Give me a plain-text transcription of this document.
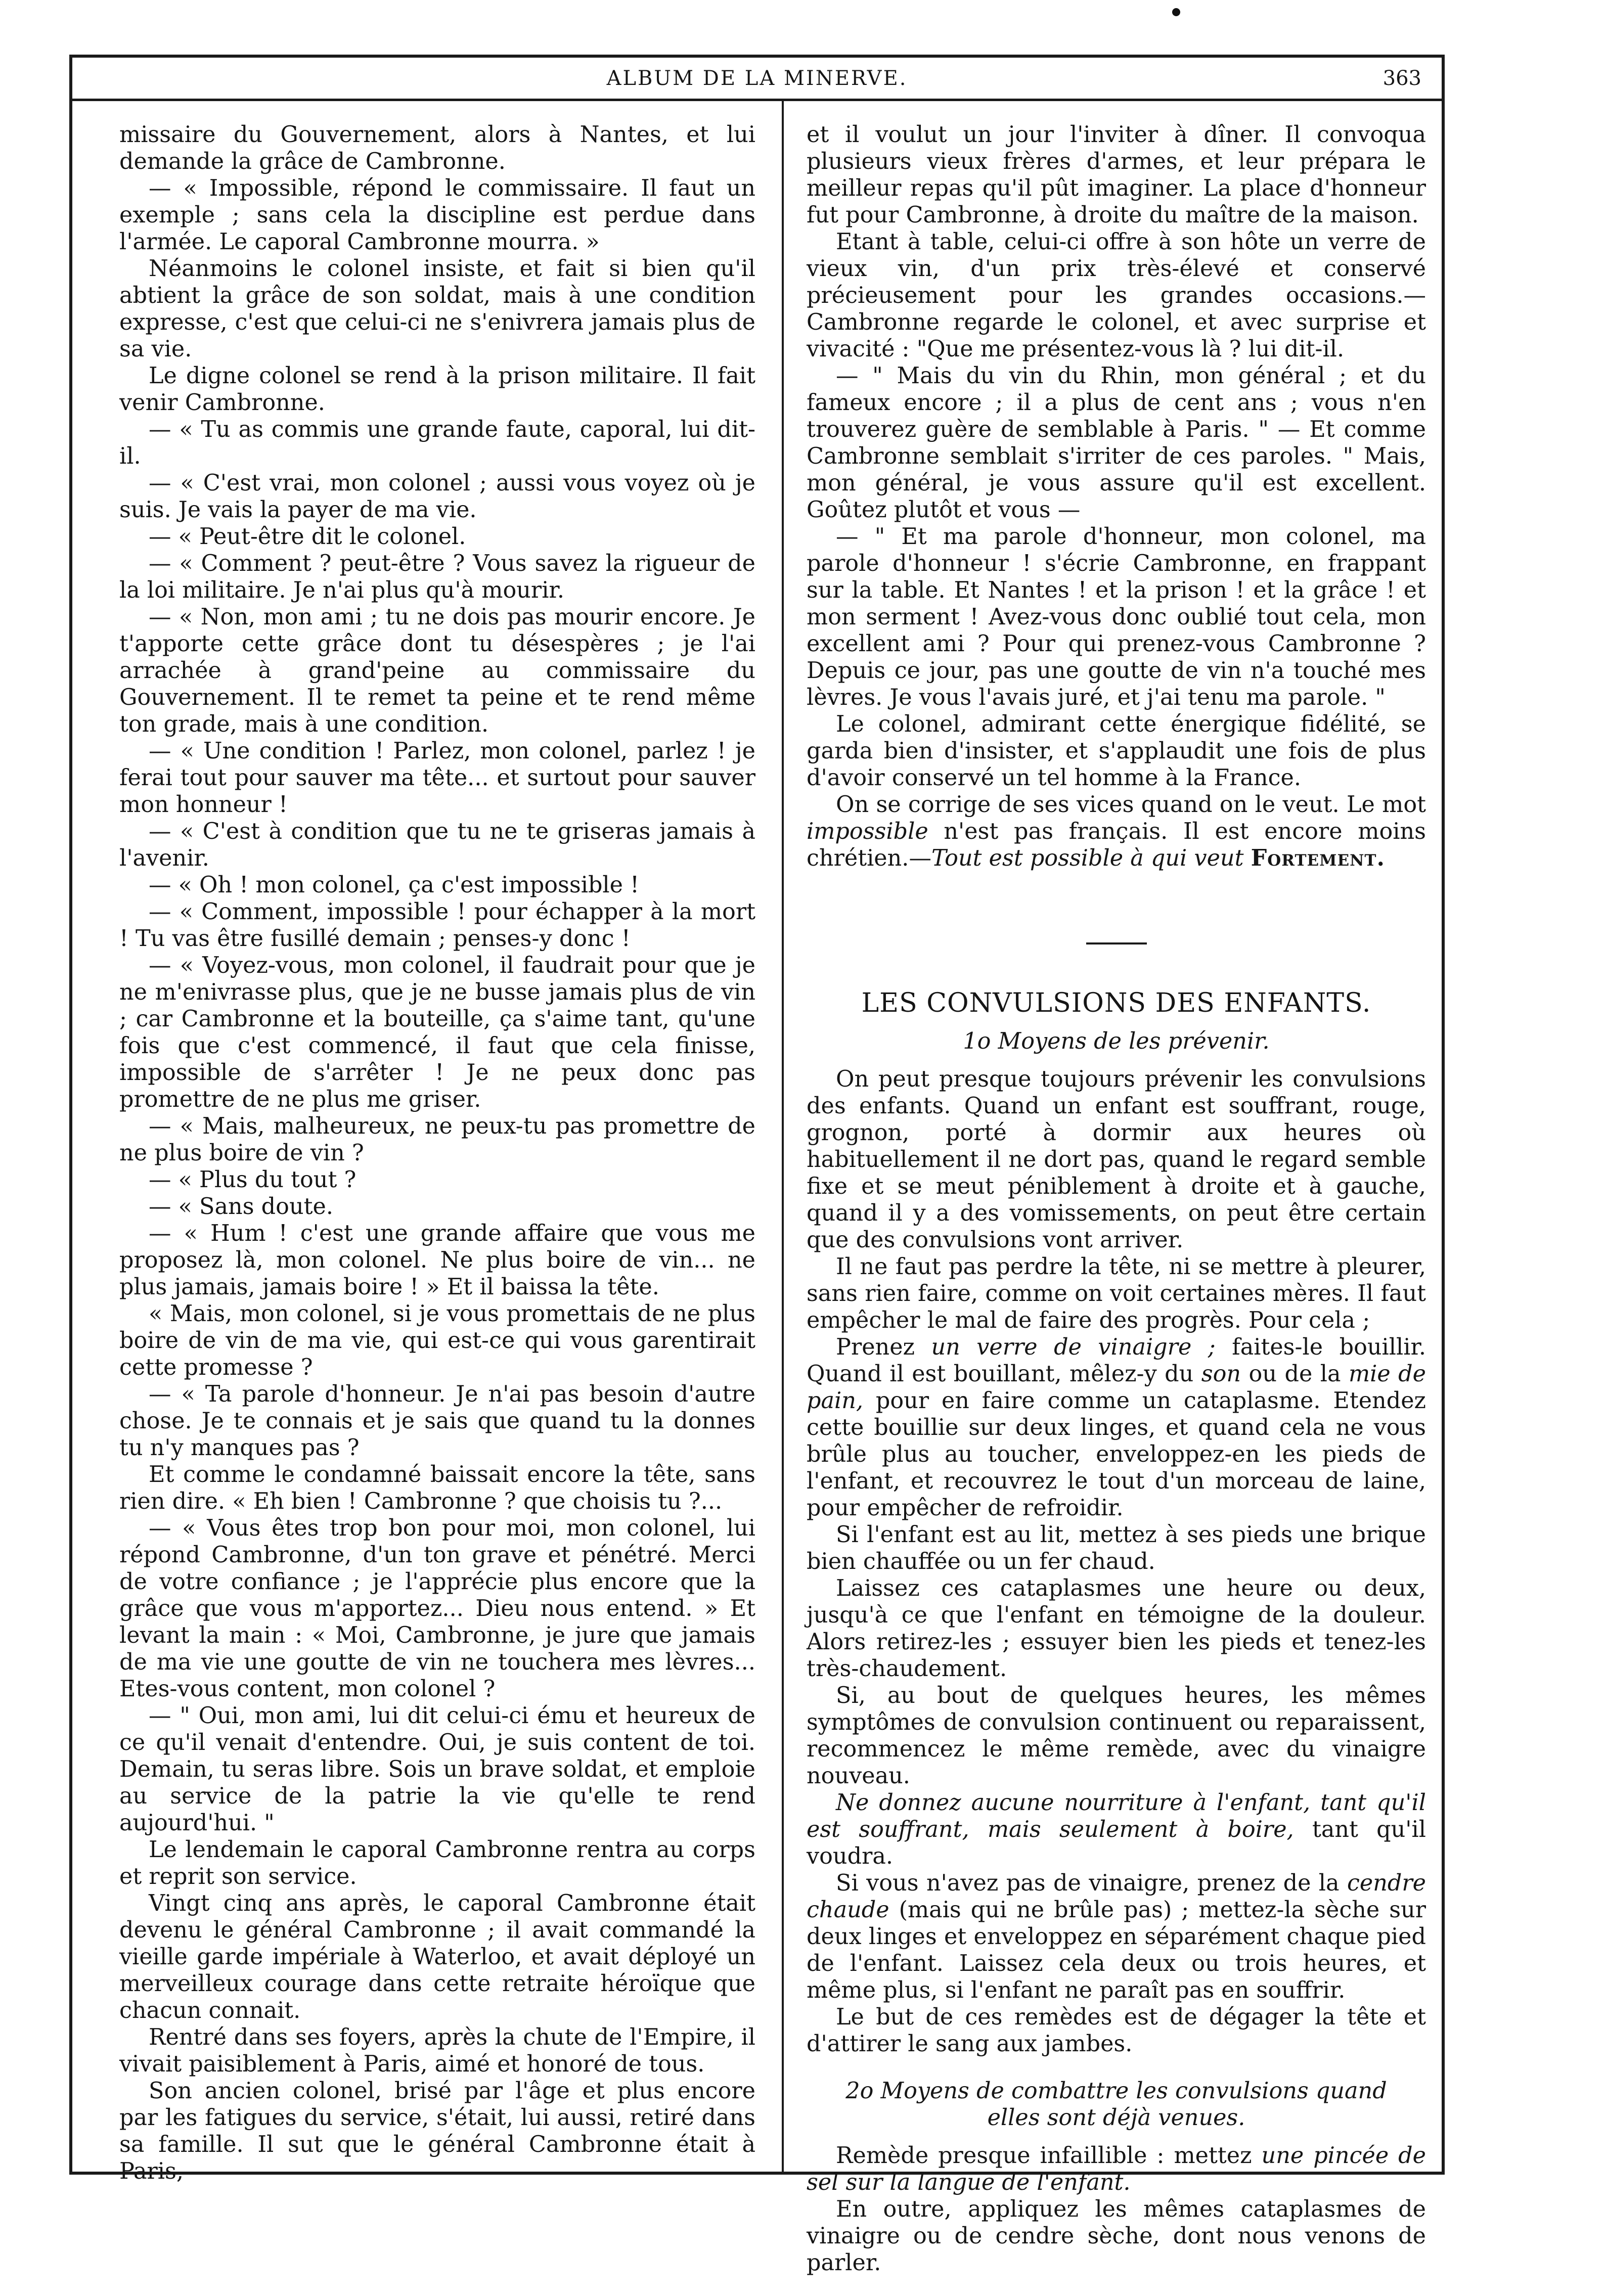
ALBUM DE LA MINERVE.	363

missaire du Gouvernement, alors à Nantes, et lui demande la grâce de Cambronne.

— « Impossible, répond le commissaire. Il faut un exemple ; sans cela la discipline est perdue dans l'armée. Le caporal Cambronne mourra. »

Néanmoins le colonel insiste, et fait si bien qu'il abtient la grâce de son soldat, mais à une condition expresse, c'est que celui-ci ne s'enivrera jamais plus de sa vie.

Le digne colonel se rend à la prison militaire. Il fait venir Cambronne.

— « Tu as commis une grande faute, caporal, lui dit-il.

— « C'est vrai, mon colonel ; aussi vous voyez où je suis. Je vais la payer de ma vie.

— « Peut-être dit le colonel.

— « Comment ? peut-être ? Vous savez la rigueur de la loi militaire. Je n'ai plus qu'à mourir.

— « Non, mon ami ; tu ne dois pas mourir encore. Je t'apporte cette grâce dont tu désespères ; je l'ai arrachée à grand'peine au commissaire du Gouvernement. Il te remet ta peine et te rend même ton grade, mais à une condition.

— « Une condition ! Parlez, mon colonel, parlez ! je ferai tout pour sauver ma tête... et surtout pour sauver mon honneur !

— « C'est à condition que tu ne te griseras jamais à l'avenir.

— « Oh ! mon colonel, ça c'est impossible !

— « Comment, impossible ! pour échapper à la mort ! Tu vas être fusillé demain ; penses-y donc !

— « Voyez-vous, mon colonel, il faudrait pour que je ne m'enivrasse plus, que je ne busse jamais plus de vin ; car Cambronne et la bouteille, ça s'aime tant, qu'une fois que c'est commencé, il faut que cela finisse, impossible de s'arrêter ! Je ne peux donc pas promettre de ne plus me griser.

— « Mais, malheureux, ne peux-tu pas promettre de ne plus boire de vin ?

— « Plus du tout ?

— « Sans doute.

— « Hum ! c'est une grande affaire que vous me proposez là, mon colonel. Ne plus boire de vin... ne plus jamais, jamais boire ! » Et il baissa la tête.

« Mais, mon colonel, si je vous promettais de ne plus boire de vin de ma vie, qui est-ce qui vous garentirait cette promesse ?

— « Ta parole d'honneur. Je n'ai pas besoin d'autre chose. Je te connais et je sais que quand tu la donnes tu n'y manques pas ?

Et comme le condamné baissait encore la tête, sans rien dire. « Eh bien ! Cambronne ? que choisis tu ?...

— « Vous êtes trop bon pour moi, mon colonel, lui répond Cambronne, d'un ton grave et pénétré. Merci de votre confiance ; je l'apprécie plus encore que la grâce que vous m'apportez... Dieu nous entend. » Et levant la main : « Moi, Cambronne, je jure que jamais de ma vie une goutte de vin ne touchera mes lèvres... Etes-vous content, mon colonel ?

— " Oui, mon ami, lui dit celui-ci ému et heureux de ce qu'il venait d'entendre. Oui, je suis content de toi. Demain, tu seras libre. Sois un brave soldat, et emploie au service de la patrie la vie qu'elle te rend aujourd'hui. "

Le lendemain le caporal Cambronne rentra au corps et reprit son service.

Vingt cinq ans après, le caporal Cambronne était devenu le général Cambronne ; il avait commandé la vieille garde impériale à Waterloo, et avait déployé un merveilleux courage dans cette retraite héroïque que chacun connait.

Rentré dans ses foyers, après la chute de l'Empire, il vivait paisiblement à Paris, aimé et honoré de tous.

Son ancien colonel, brisé par l'âge et plus encore par les fatigues du service, s'était, lui aussi, retiré dans sa famille. Il sut que le général Cambronne était à Paris,

et il voulut un jour l'inviter à dîner. Il convoqua plusieurs vieux frères d'armes, et leur prépara le meilleur repas qu'il pût imaginer. La place d'honneur fut pour Cambronne, à droite du maître de la maison.

Etant à table, celui-ci offre à son hôte un verre de vieux vin, d'un prix très-élevé et conservé précieusement pour les grandes occasions.—Cambronne regarde le colonel, et avec surprise et vivacité : "Que me présentez-vous là ? lui dit-il.

— " Mais du vin du Rhin, mon général ; et du fameux encore ; il a plus de cent ans ; vous n'en trouverez guère de semblable à Paris. " — Et comme Cambronne semblait s'irriter de ces paroles. " Mais, mon général, je vous assure qu'il est excellent. Goûtez plutôt et vous —

— " Et ma parole d'honneur, mon colonel, ma parole d'honneur ! s'écrie Cambronne, en frappant sur la table. Et Nantes ! et la prison ! et la grâce ! et mon serment ! Avez-vous donc oublié tout cela, mon excellent ami ? Pour qui prenez-vous Cambronne ? Depuis ce jour, pas une goutte de vin n'a touché mes lèvres. Je vous l'avais juré, et j'ai tenu ma parole. "

Le colonel, admirant cette énergique fidélité, se garda bien d'insister, et s'applaudit une fois de plus d'avoir conservé un tel homme à la France.

On se corrige de ses vices quand on le veut. Le mot impossible n'est pas français. Il est encore moins chrétien.—Tout est possible à qui veut Fortement.

LES CONVULSIONS DES ENFANTS.
1o Moyens de les prévenir.

On peut presque toujours prévenir les convulsions des enfants. Quand un enfant est souffrant, rouge, grognon, porté à dormir aux heures où habituellement il ne dort pas, quand le regard semble fixe et se meut péniblement à droite et à gauche, quand il y a des vomissements, on peut être certain que des convulsions vont arriver.

Il ne faut pas perdre la tête, ni se mettre à pleurer, sans rien faire, comme on voit certaines mères. Il faut empêcher le mal de faire des progrès. Pour cela ;

Prenez un verre de vinaigre ; faites-le bouillir. Quand il est bouillant, mêlez-y du son ou de la mie de pain, pour en faire comme un cataplasme. Etendez cette bouillie sur deux linges, et quand cela ne vous brûle plus au toucher, enveloppez-en les pieds de l'enfant, et recouvrez le tout d'un morceau de laine, pour empêcher de refroidir.

Si l'enfant est au lit, mettez à ses pieds une brique bien chauffée ou un fer chaud.

Laissez ces cataplasmes une heure ou deux, jusqu'à ce que l'enfant en témoigne de la douleur. Alors retirez-les ; essuyer bien les pieds et tenez-les très-chaudement.

Si, au bout de quelques heures, les mêmes symptômes de convulsion continuent ou reparaissent, recommencez le même remède, avec du vinaigre nouveau.

Ne donnez aucune nourriture à l'enfant, tant qu'il est souffrant, mais seulement à boire, tant qu'il voudra.

Si vous n'avez pas de vinaigre, prenez de la cendre chaude (mais qui ne brûle pas) ; mettez-la sèche sur deux linges et enveloppez en séparément chaque pied de l'enfant. Laissez cela deux ou trois heures, et même plus, si l'enfant ne paraît pas en souffrir.

Le but de ces remèdes est de dégager la tête et d'attirer le sang aux jambes.

2o Moyens de combattre les convulsions quand elles sont déjà venues.

Remède presque infaillible : mettez une pincée de sel sur la langue de l'enfant.

En outre, appliquez les mêmes cataplasmes de vinaigre ou de cendre sèche, dont nous venons de parler.
